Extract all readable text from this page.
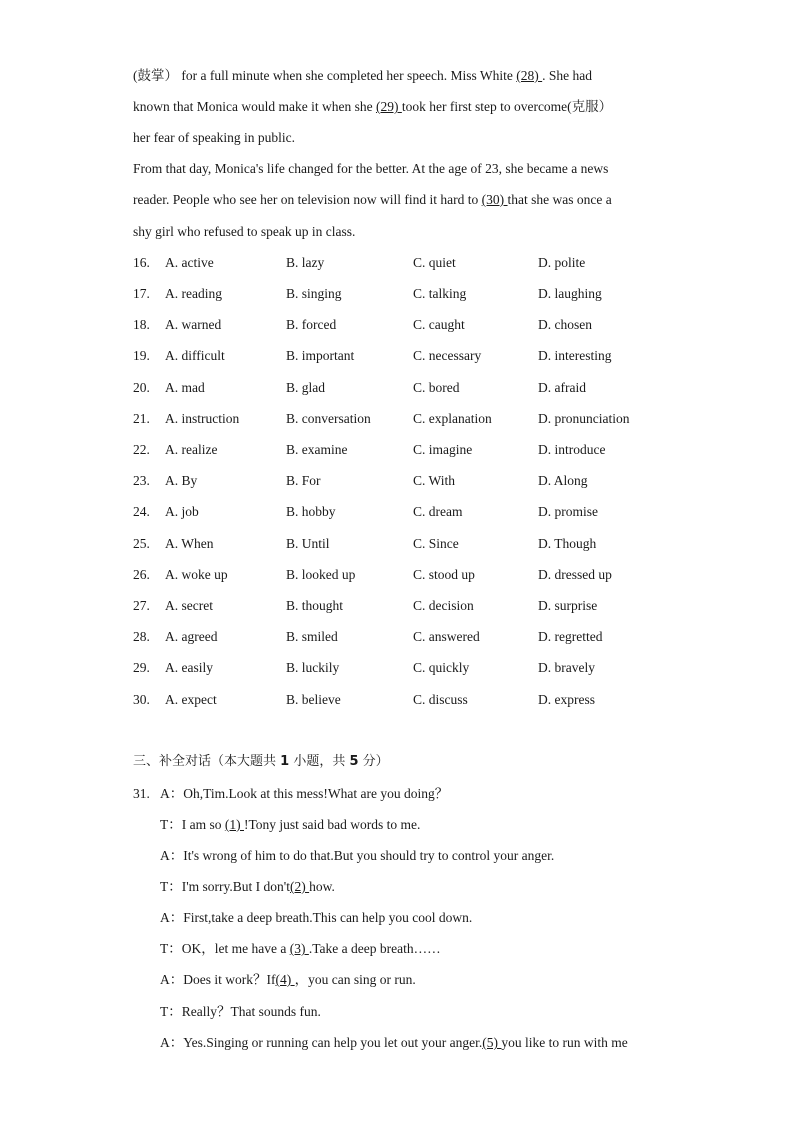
(鼓掌） for a full minute when she completed her speech. Miss White (28) . She had
known that Monica would make it when she (29) took her first step to overcome(克服）
her fear of speaking in public.
From that day, Monica's life changed for the better. At the age of 23, she became a news
reader. People who see her on television now will find it hard to (30) that she was once a
shy girl who refused to speak up in class.
16. A. active	B. lazy	C. quiet	D. polite
17. A. reading	B. singing	C. talking	D. laughing
18. A. warned	B. forced	C. caught	D. chosen
19. A. difficult	B. important	C. necessary	D. interesting
20. A. mad	B. glad	C. bored	D. afraid
21. A. instruction	B. conversation	C. explanation	D. pronunciation
22. A. realize	B. examine	C. imagine	D. introduce
23. A. By	B. For	C. With	D. Along
24. A. job	B. hobby	C. dream	D. promise
25. A. When	B. Until	C. Since	D. Though
26. A. woke up	B. looked up	C. stood up	D. dressed up
27. A. secret	B. thought	C. decision	D. surprise
28. A. agreed	B. smiled	C. answered	D. regretted
29. A. easily	B. luckily	C. quickly	D. bravely
30. A. expect	B. believe	C. discuss	D. express
三、补全对话（本大题共 1 小题，共 5 分）
31. A：Oh,Tim.Look at this mess!What are you doing？
T：I am so (1) !Tony just said bad words to me.
A：It's wrong of him to do that.But you should try to control your anger.
T：I'm sorry.But I don't(2) how.
A：First,take a deep breath.This can help you cool down.
T：OK，let me have a (3) .Take a deep breath……
A：Does it work？If(4) ，you can sing or run.
T：Really？That sounds fun.
A：Yes.Singing or running can help you let out your anger.(5) you like to run with me
